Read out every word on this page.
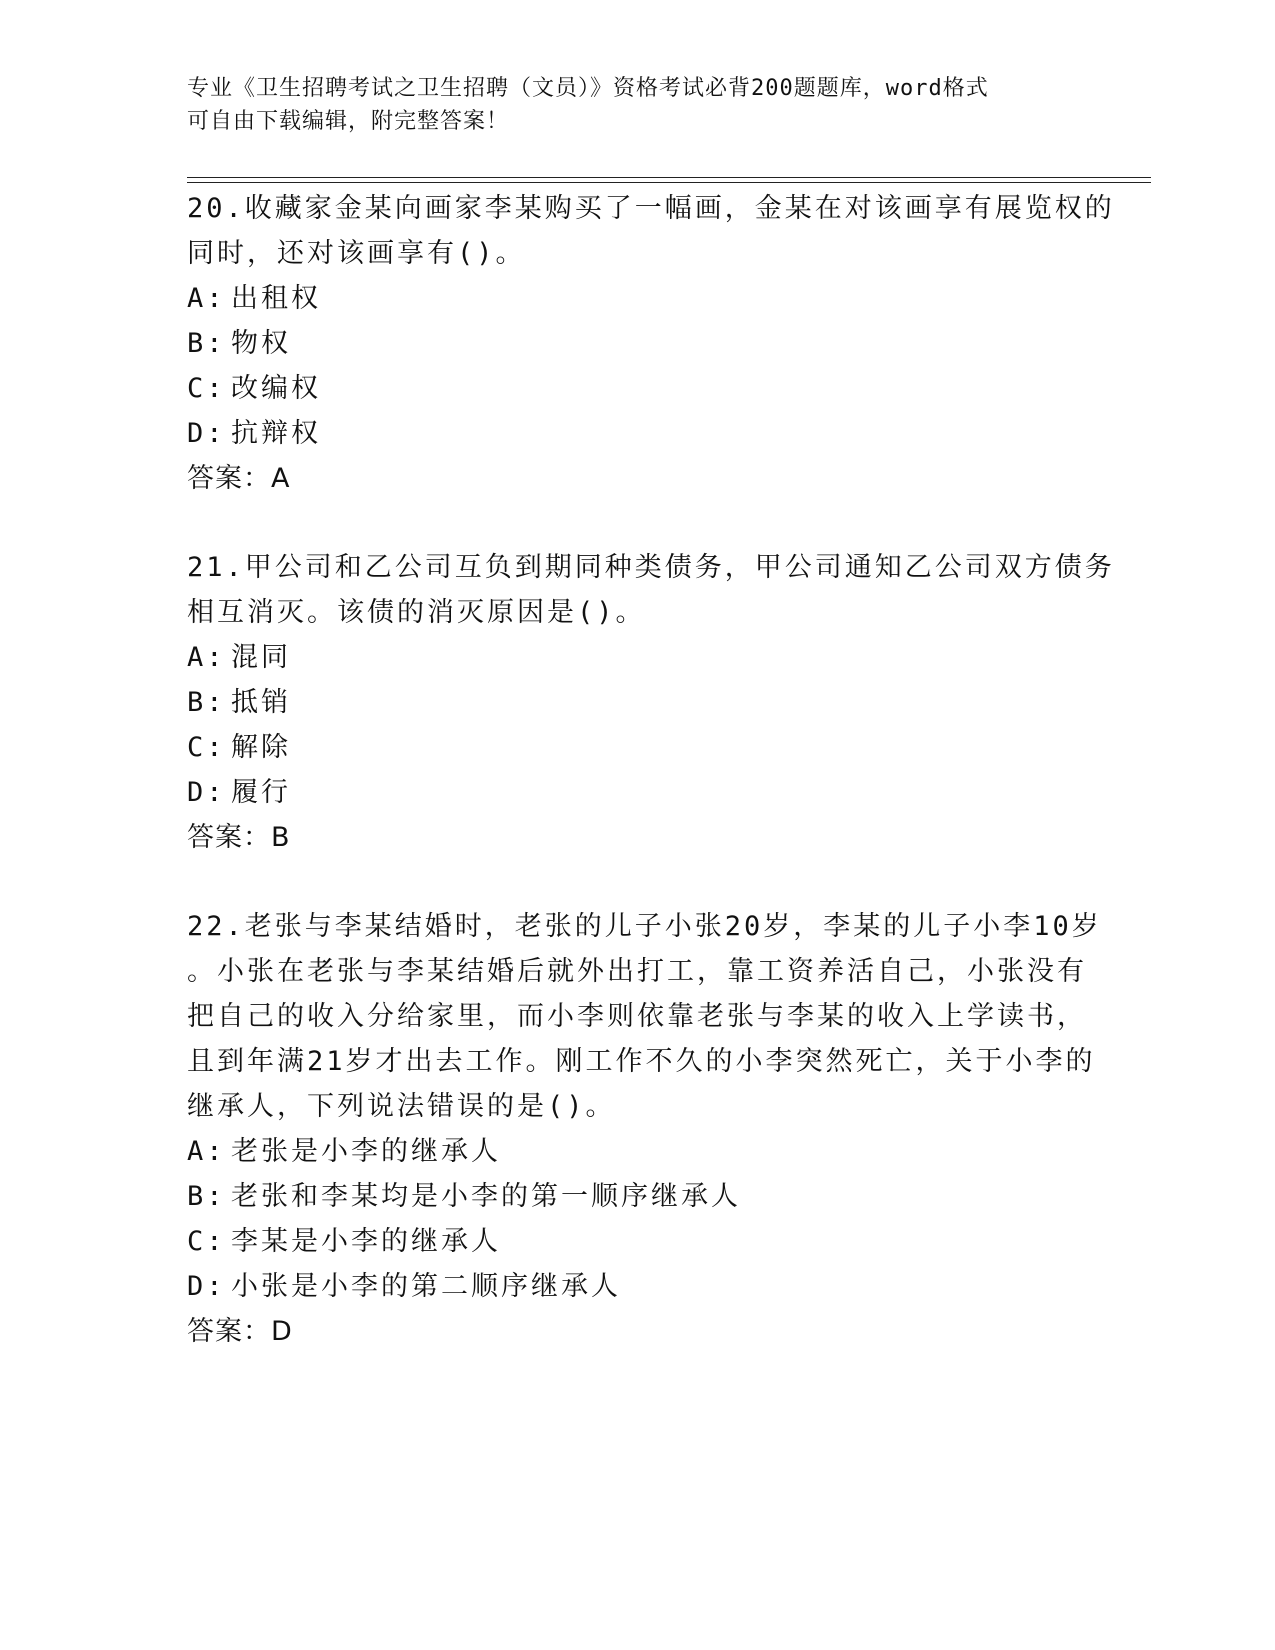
专业《卫生招聘考试之卫生招聘（文员）》资格考试必背200题题库，word格式
可自由下载编辑，附完整答案！
20.收藏家金某向画家李某购买了一幅画，金某在对该画享有展览权的
同时，还对该画享有()。
A: 出租权
B: 物权
C: 改编权
D: 抗辩权
答案：A
21.甲公司和乙公司互负到期同种类债务，甲公司通知乙公司双方债务
相互消灭。该债的消灭原因是()。
A: 混同
B: 抵销
C: 解除
D: 履行
答案：B
22.老张与李某结婚时，老张的儿子小张20岁，李某的儿子小李10岁
。小张在老张与李某结婚后就外出打工，靠工资养活自己，小张没有
把自己的收入分给家里，而小李则依靠老张与李某的收入上学读书，
且到年满21岁才出去工作。刚工作不久的小李突然死亡，关于小李的
继承人，下列说法错误的是()。
A: 老张是小李的继承人
B: 老张和李某均是小李的第一顺序继承人
C: 李某是小李的继承人
D: 小张是小李的第二顺序继承人
答案：D
